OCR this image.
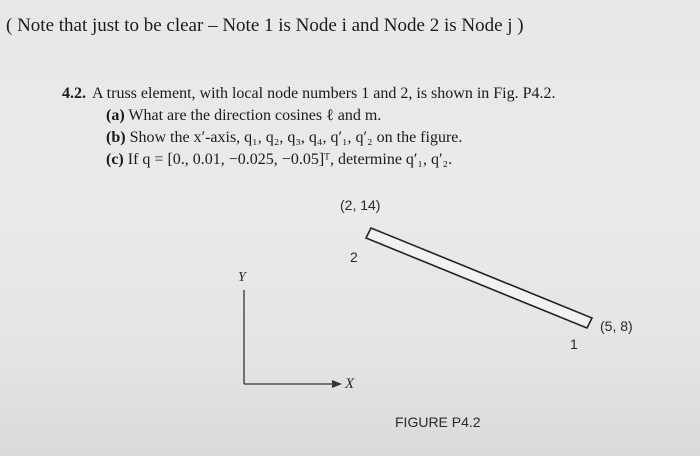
( Note that just to be clear – Note 1 is Node i and Node 2 is Node j )
4.2. A truss element, with local node numbers 1 and 2, is shown in Fig. P4.2.
(a) What are the direction cosines ℓ and m.
(b) Show the x′-axis, q₁, q₂, q₃, q₄, q′₁, q′₂ on the figure.
(c) If q = [0., 0.01, −0.025, −0.05]ᵀ, determine q′₁, q′₂.
(2, 14)
2
(5, 8)
1
Y
X
FIGURE P4.2
